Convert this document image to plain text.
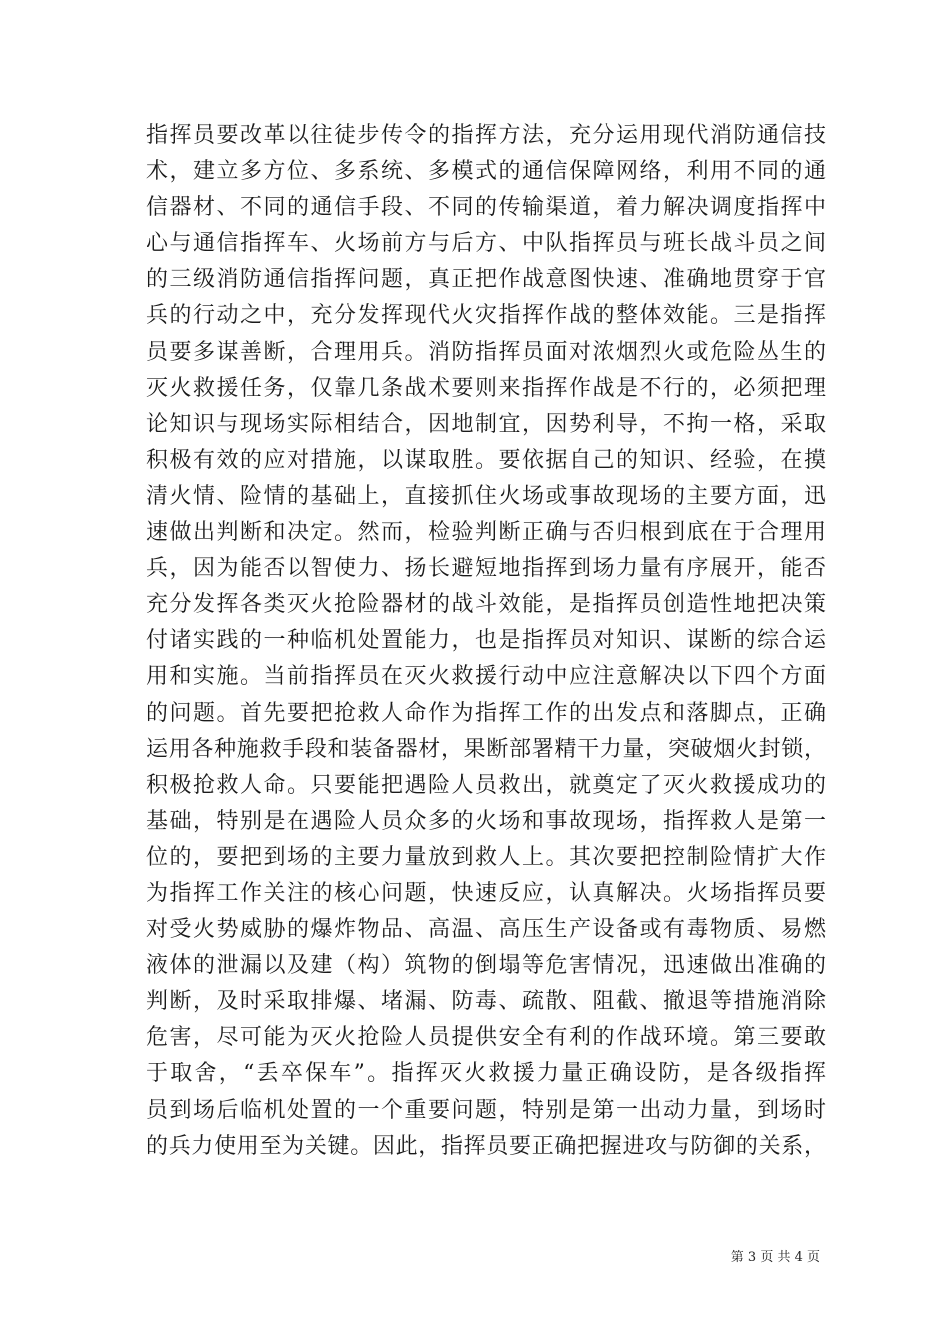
指挥员要改革以往徒步传令的指挥方法，充分运用现代消防通信技
术，建立多方位、多系统、多模式的通信保障网络，利用不同的通
信器材、不同的通信手段、不同的传输渠道，着力解决调度指挥中
心与通信指挥车、火场前方与后方、中队指挥员与班长战斗员之间
的三级消防通信指挥问题，真正把作战意图快速、准确地贯穿于官
兵的行动之中，充分发挥现代火灾指挥作战的整体效能。三是指挥
员要多谋善断，合理用兵。消防指挥员面对浓烟烈火或危险丛生的
灭火救援任务，仅靠几条战术要则来指挥作战是不行的，必须把理
论知识与现场实际相结合，因地制宜，因势利导，不拘一格，采取
积极有效的应对措施，以谋取胜。要依据自己的知识、经验，在摸
清火情、险情的基础上，直接抓住火场或事故现场的主要方面，迅
速做出判断和决定。然而，检验判断正确与否归根到底在于合理用
兵，因为能否以智使力、扬长避短地指挥到场力量有序展开，能否
充分发挥各类灭火抢险器材的战斗效能，是指挥员创造性地把决策
付诸实践的一种临机处置能力，也是指挥员对知识、谋断的综合运
用和实施。当前指挥员在灭火救援行动中应注意解决以下四个方面
的问题。首先要把抢救人命作为指挥工作的出发点和落脚点，正确
运用各种施救手段和装备器材，果断部署精干力量，突破烟火封锁，
积极抢救人命。只要能把遇险人员救出，就奠定了灭火救援成功的
基础，特别是在遇险人员众多的火场和事故现场，指挥救人是第一
位的，要把到场的主要力量放到救人上。其次要把控制险情扩大作
为指挥工作关注的核心问题，快速反应，认真解决。火场指挥员要
对受火势威胁的爆炸物品、高温、高压生产设备或有毒物质、易燃
液体的泄漏以及建（构）筑物的倒塌等危害情况，迅速做出准确的
判断，及时采取排爆、堵漏、防毒、疏散、阻截、撤退等措施消除
危害，尽可能为灭火抢险人员提供安全有利的作战环境。第三要敢
于取舍，“丢卒保车”。指挥灭火救援力量正确设防，是各级指挥
员到场后临机处置的一个重要问题，特别是第一出动力量，到场时
的兵力使用至为关键。因此，指挥员要正确把握进攻与防御的关系，
第 3 页 共 4 页
